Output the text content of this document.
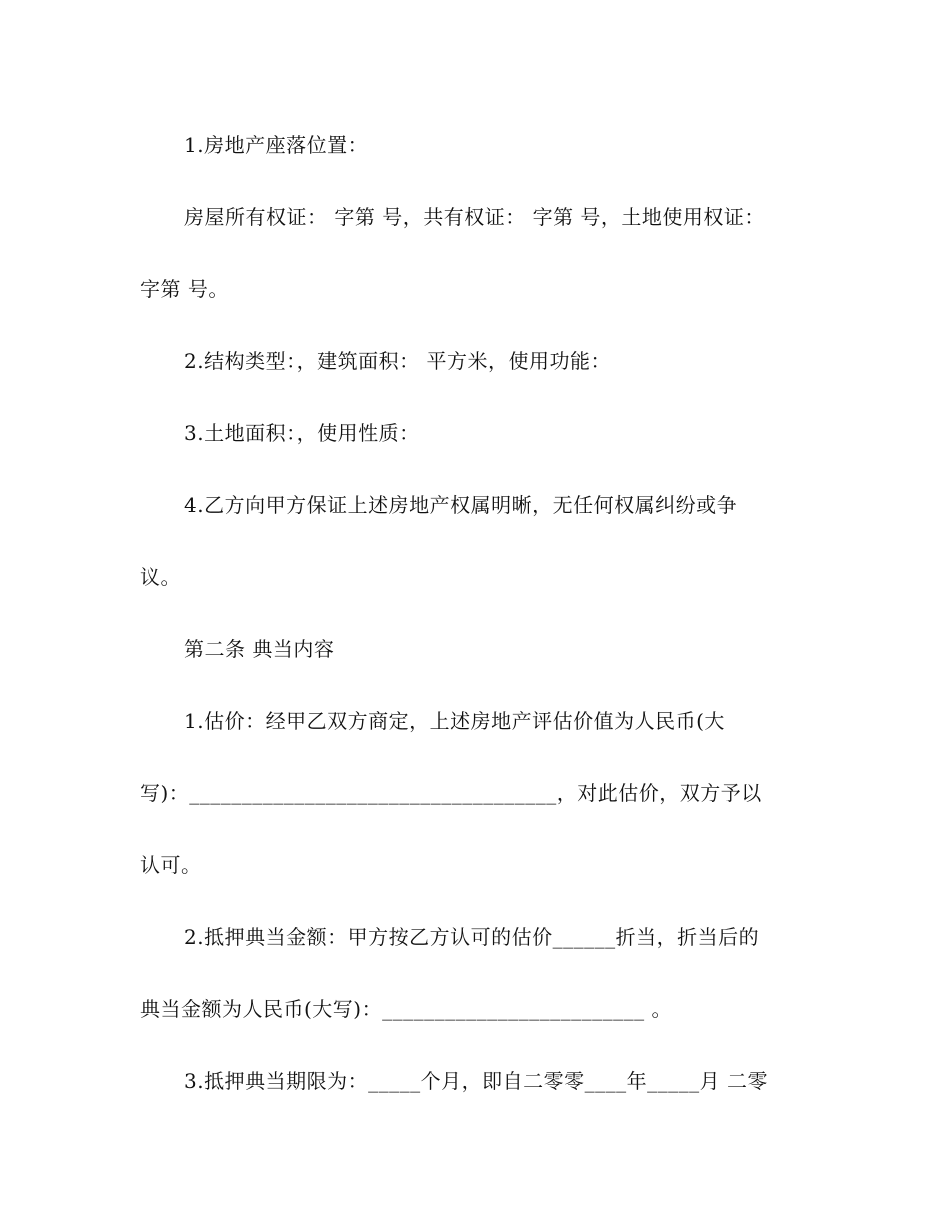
1.房地产座落位置：
房屋所有权证： 字第 号，共有权证： 字第 号，土地使用权证：
字第 号。
2.结构类型：，建筑面积： 平方米，使用功能：
3.土地面积：，使用性质：
4.乙方向甲方保证上述房地产权属明晰，无任何权属纠纷或争
议。
第二条 典当内容
1.估价：经甲乙双方商定，上述房地产评估价值为人民币(大
写)：___________________________________，对此估价，双方予以
认可。
2.抵押典当金额：甲方按乙方认可的估价______折当，折当后的
典当金额为人民币(大写)：_________________________ 。
3.抵押典当期限为：_____个月，即自二零零____年_____月 二零
